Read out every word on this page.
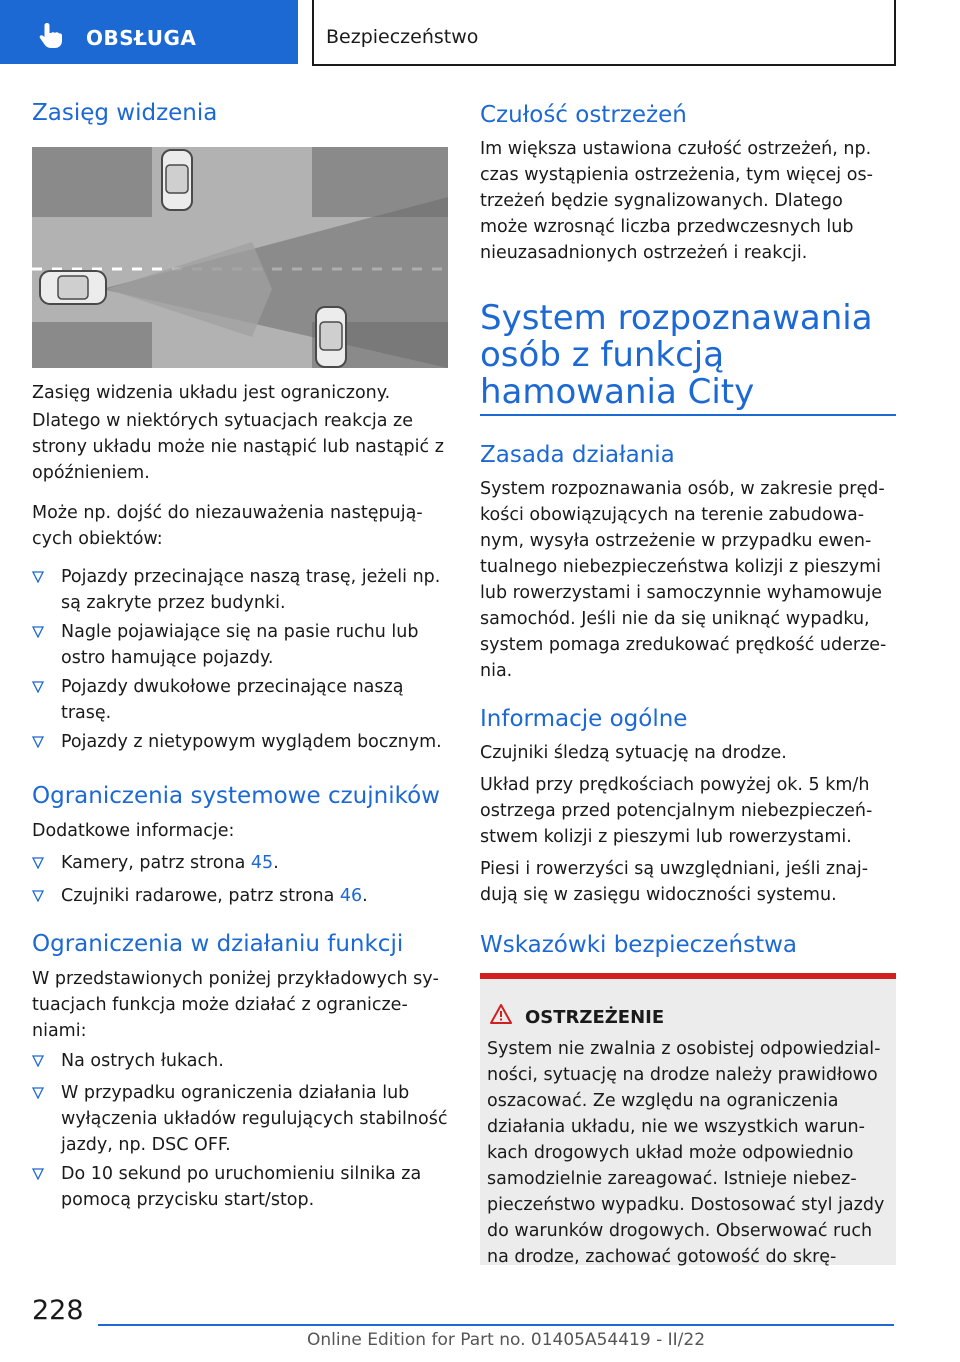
OBSŁUGA	Bezpieczeństwo
Zasięg widzenia
Zasięg widzenia układu jest ograniczony.
Dlatego w niektórych sytuacjach reakcja ze strony układu może nie nastąpić lub nastąpić z opóźnieniem.
Może np. dojść do niezauważenia następujących obiektów:
Pojazdy przecinające naszą trasę, jeżeli np. są zakryte przez budynki.
Nagle pojawiające się na pasie ruchu lub ostro hamujące pojazdy.
Pojazdy dwukołowe przecinające naszą trasę.
Pojazdy z nietypowym wyglądem bocznym.
Ograniczenia systemowe czujników
Dodatkowe informacje:
Kamery, patrz strona 45.
Czujniki radarowe, patrz strona 46.
Ograniczenia w działaniu funkcji
W przedstawionych poniżej przykładowych sytuacjach funkcja może działać z ograniczeniami:
Na ostrych łukach.
W przypadku ograniczenia działania lub wyłączenia układów regulujących stabilność jazdy, np. DSC OFF.
Do 10 sekund po uruchomieniu silnika za pomocą przycisku start/stop.
Czułość ostrzeżeń
Im większa ustawiona czułość ostrzeżeń, np. czas wystąpienia ostrzeżenia, tym więcej ostrzeżeń będzie sygnalizowanych. Dlatego może wzrosnąć liczba przedwczesnych lub nieuzasadnionych ostrzeżeń i reakcji.
System rozpoznawania osób z funkcją hamowania City
Zasada działania
System rozpoznawania osób, w zakresie prędkości obowiązujących na terenie zabudowanym, wysyła ostrzeżenie w przypadku ewentualnego niebezpieczeństwa kolizji z pieszymi lub rowerzystami i samoczynnie wyhamowuje samochód. Jeśli nie da się uniknąć wypadku, system pomaga zredukować prędkość uderzenia.
Informacje ogólne
Czujniki śledzą sytuację na drodze.
Układ przy prędkościach powyżej ok. 5 km/h ostrzega przed potencjalnym niebezpieczeństwem kolizji z pieszymi lub rowerzystami.
Piesi i rowerzyści są uwzględniani, jeśli znajdują się w zasięgu widoczności systemu.
Wskazówki bezpieczeństwa
OSTRZEŻENIE
System nie zwalnia z osobistej odpowiedzialności, sytuację na drodze należy prawidłowo oszacować. Ze względu na ograniczenia działania układu, nie we wszystkich warunkach drogowych układ może odpowiednio samodzielnie zareagować. Istnieje niebezpieczeństwo wypadku. Dostosować styl jazdy do warunków drogowych. Obserwować ruch na drodze, zachować gotowość do skrę-
228
Online Edition for Part no. 01405A54419 - II/22
